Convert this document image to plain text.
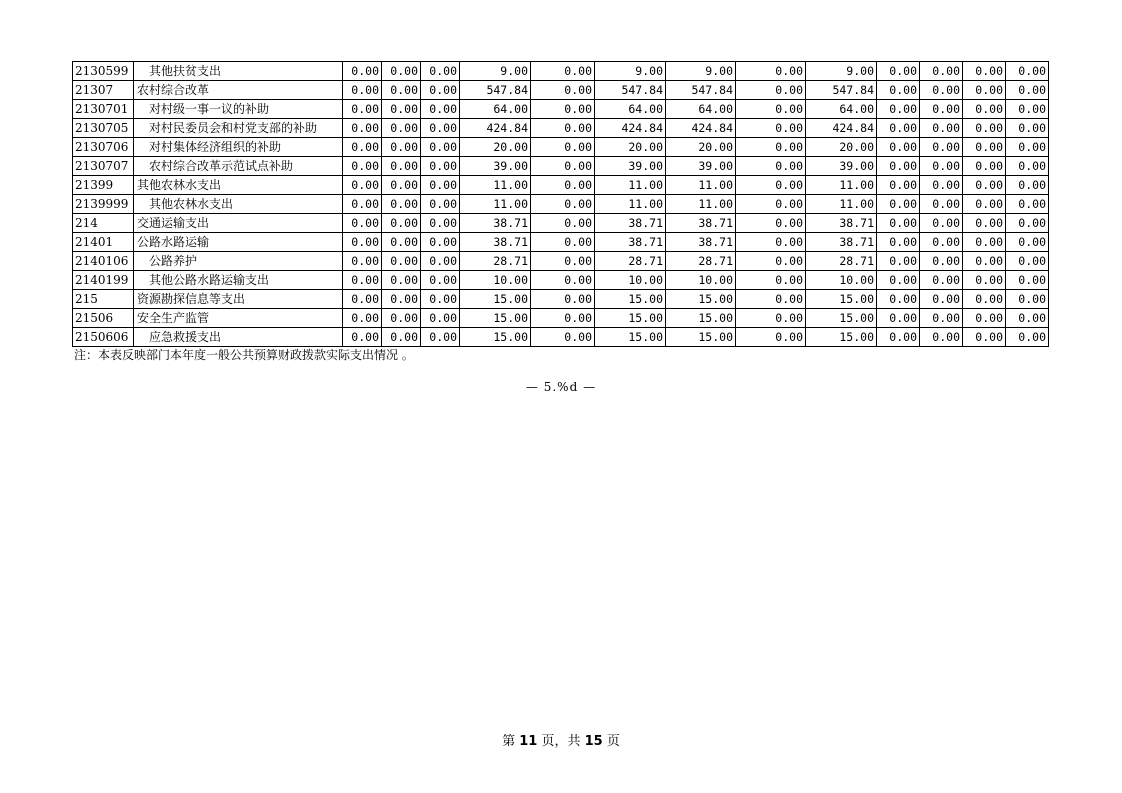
2130599	其他扶贫支出	0.00	0.00	0.00	9.00	0.00	9.00	9.00	0.00	9.00	0.00	0.00	0.00	0.00
21307	农村综合改革	0.00	0.00	0.00	547.84	0.00	547.84	547.84	0.00	547.84	0.00	0.00	0.00	0.00
2130701	对村级一事一议的补助	0.00	0.00	0.00	64.00	0.00	64.00	64.00	0.00	64.00	0.00	0.00	0.00	0.00
2130705	对村民委员会和村党支部的补助	0.00	0.00	0.00	424.84	0.00	424.84	424.84	0.00	424.84	0.00	0.00	0.00	0.00
2130706	对村集体经济组织的补助	0.00	0.00	0.00	20.00	0.00	20.00	20.00	0.00	20.00	0.00	0.00	0.00	0.00
2130707	农村综合改革示范试点补助	0.00	0.00	0.00	39.00	0.00	39.00	39.00	0.00	39.00	0.00	0.00	0.00	0.00
21399	其他农林水支出	0.00	0.00	0.00	11.00	0.00	11.00	11.00	0.00	11.00	0.00	0.00	0.00	0.00
2139999	其他农林水支出	0.00	0.00	0.00	11.00	0.00	11.00	11.00	0.00	11.00	0.00	0.00	0.00	0.00
214	交通运输支出	0.00	0.00	0.00	38.71	0.00	38.71	38.71	0.00	38.71	0.00	0.00	0.00	0.00
21401	公路水路运输	0.00	0.00	0.00	38.71	0.00	38.71	38.71	0.00	38.71	0.00	0.00	0.00	0.00
2140106	公路养护	0.00	0.00	0.00	28.71	0.00	28.71	28.71	0.00	28.71	0.00	0.00	0.00	0.00
2140199	其他公路水路运输支出	0.00	0.00	0.00	10.00	0.00	10.00	10.00	0.00	10.00	0.00	0.00	0.00	0.00
215	资源勘探信息等支出	0.00	0.00	0.00	15.00	0.00	15.00	15.00	0.00	15.00	0.00	0.00	0.00	0.00
21506	安全生产监管	0.00	0.00	0.00	15.00	0.00	15.00	15.00	0.00	15.00	0.00	0.00	0.00	0.00
2150606	应急救援支出	0.00	0.00	0.00	15.00	0.00	15.00	15.00	0.00	15.00	0.00	0.00	0.00	0.00
注：本表反映部门本年度一般公共预算财政拨款实际支出情况 。
— 5.%d —
第 11 页，共 15 页
